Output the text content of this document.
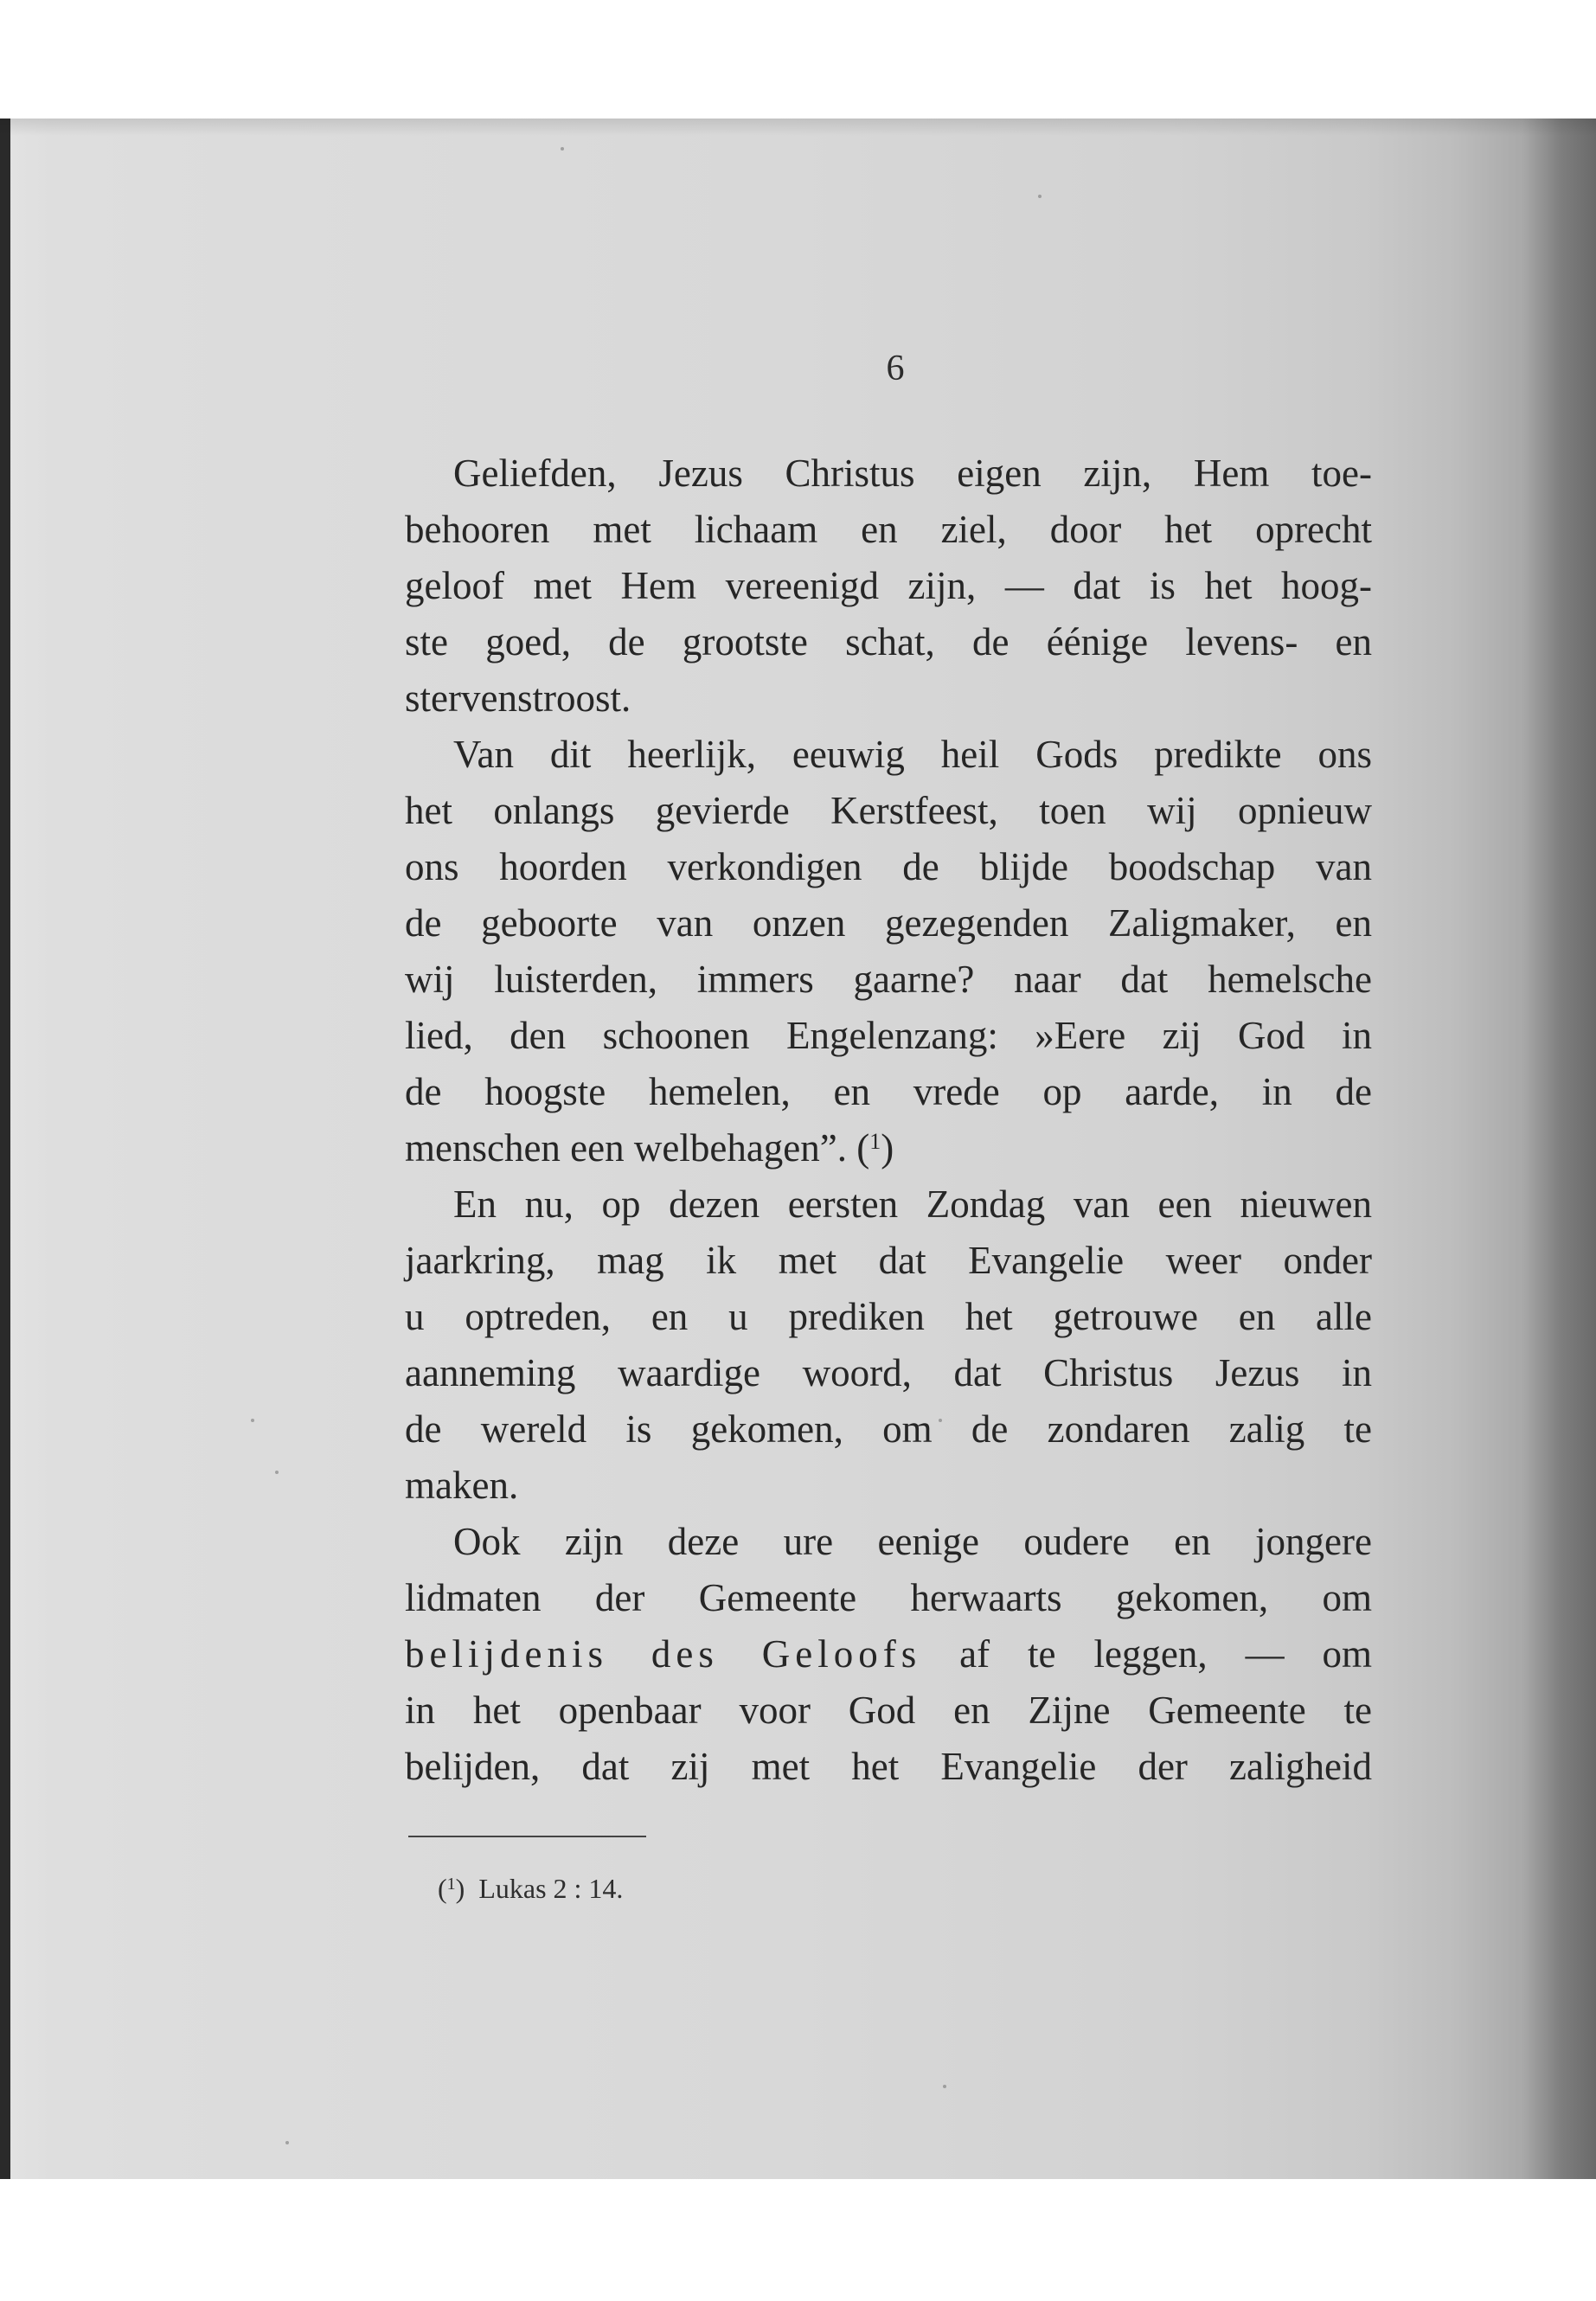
6
Geliefden, Jezus Christus eigen zijn, Hem toe-
behooren met lichaam en ziel, door het oprecht
geloof met Hem vereenigd zijn, — dat is het hoog-
ste goed, de grootste schat, de éénige levens- en
stervenstroost.
Van dit heerlijk, eeuwig heil Gods predikte ons
het onlangs gevierde Kerstfeest, toen wij opnieuw
ons hoorden verkondigen de blijde boodschap van
de geboorte van onzen gezegenden Zaligmaker, en
wij luisterden, immers gaarne? naar dat hemelsche
lied, den schoonen Engelenzang: »Eere zij God in
de hoogste hemelen, en vrede op aarde, in de
menschen een welbehagen”. ($^1$)
En nu, op dezen eersten Zondag van een nieuwen
jaarkring, mag ik met dat Evangelie weer onder
u optreden, en u prediken het getrouwe en alle
aanneming waardige woord, dat Christus Jezus in
de wereld is gekomen, om de zondaren zalig te
maken.
Ook zijn deze ure eenige oudere en jongere
lidmaten der Gemeente herwaarts gekomen, om
belijdenis des Geloofs af te leggen, — om
in het openbaar voor God en Zijne Gemeente te
belijden, dat zij met het Evangelie der zaligheid
($^1$) Lukas 2 : 14.
